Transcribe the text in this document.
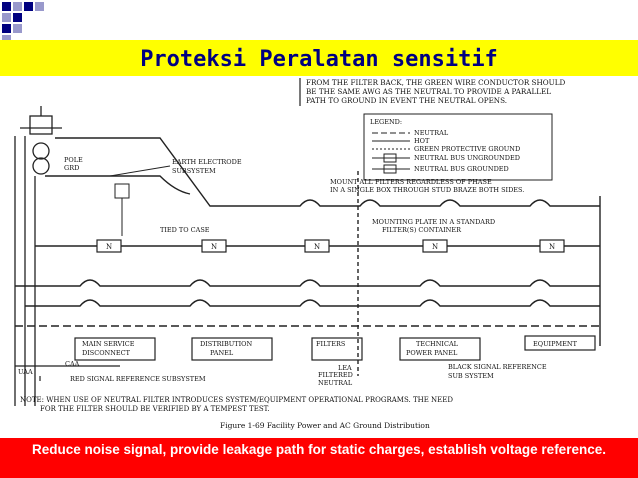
Proteksi Peralatan sensitif
FROM THE FILTER BACK, THE GREEN WIRE CONDUCTOR SHOULD
BE THE SAME AWG AS THE NEUTRAL TO PROVIDE A PARALLEL
PATH TO GROUND IN EVENT THE NEUTRAL OPENS.
LEGEND:
NEUTRAL
HOT
GREEN PROTECTIVE GROUND
NEUTRAL BUS UNGROUNDED
NEUTRAL BUS GROUNDED
POLE
GRD
EARTH ELECTRODE
SUBSYSTEM
MOUNT ALL FILTERS REGARDLESS OF PHASE
IN A SINGLE BOX THROUGH STUD BRAZE BOTH SIDES.
N	N	N	N	N
TIED TO CASE
MOUNTING PLATE IN A STANDARD
FILTER(S) CONTAINER
MAIN SERVICE
DISCONNECT
DISTRIBUTION
PANEL
FILTERS	TECHNICAL
POWER PANEL
EQUIPMENT
UAA
CAA	LEA
FILTERED
NEUTRAL
BLACK SIGNAL REFERENCE
SUB SYSTEM
RED SIGNAL REFERENCE SUBSYSTEM
NOTE: WHEN USE OF NEUTRAL FILTER INTRODUCES SYSTEM/EQUIPMENT OPERATIONAL PROGRAMS. THE NEED
FOR THE FILTER SHOULD BE VERIFIED BY A TEMPEST TEST.
Figure 1-69 Facility Power and AC Ground Distribution
Reduce noise signal, provide leakage path for static charges, establish voltage reference.
